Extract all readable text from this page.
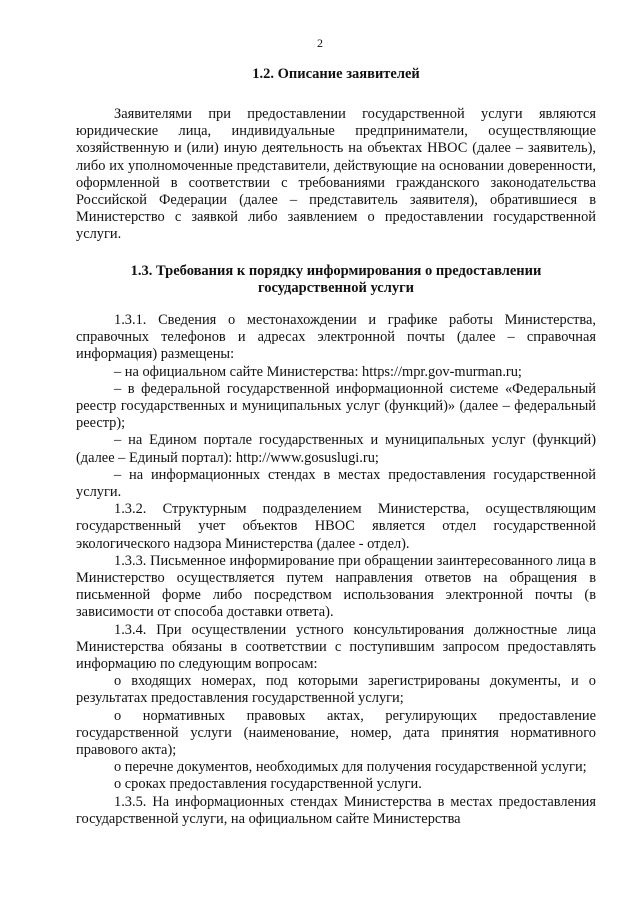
2
1.2. Описание заявителей

Заявителями при предоставлении государственной услуги являются юридические лица, индивидуальные предприниматели, осуществляющие хозяйственную и (или) иную деятельность на объектах НВОС (далее – заявитель), либо их уполномоченные представители, действующие на основании доверенности, оформленной в соответствии с требованиями гражданского законодательства Российской Федерации (далее – представитель заявителя), обратившиеся в Министерство с заявкой либо заявлением о предоставлении государственной услуги.

1.3. Требования к порядку информирования о предоставлении государственной услуги

1.3.1. Сведения о местонахождении и графике работы Министерства, справочных телефонов и адресах электронной почты (далее – справочная информация) размещены:

– на официальном сайте Министерства: https://mpr.gov-murman.ru;

– в федеральной государственной информационной системе «Федеральный реестр государственных и муниципальных услуг (функций)» (далее – федеральный реестр);

– на Едином портале государственных и муниципальных услуг (функций) (далее – Единый портал): http://www.gosuslugi.ru;

– на информационных стендах в местах предоставления государственной услуги.

1.3.2. Структурным подразделением Министерства, осуществляющим государственный учет объектов НВОС является отдел государственной экологического надзора Министерства (далее - отдел).

1.3.3. Письменное информирование при обращении заинтересованного лица в Министерство осуществляется путем направления ответов на обращения в письменной форме либо посредством использования электронной почты (в зависимости от способа доставки ответа).

1.3.4. При осуществлении устного консультирования должностные лица Министерства обязаны в соответствии с поступившим запросом предоставлять информацию по следующим вопросам:

о входящих номерах, под которыми зарегистрированы документы, и о результатах предоставления государственной услуги;

о нормативных правовых актах, регулирующих предоставление государственной услуги (наименование, номер, дата принятия нормативного правового акта);

о перечне документов, необходимых для получения государственной услуги;

о сроках предоставления государственной услуги.

1.3.5. На информационных стендах Министерства в местах предоставления государственной услуги, на официальном сайте Министерства
